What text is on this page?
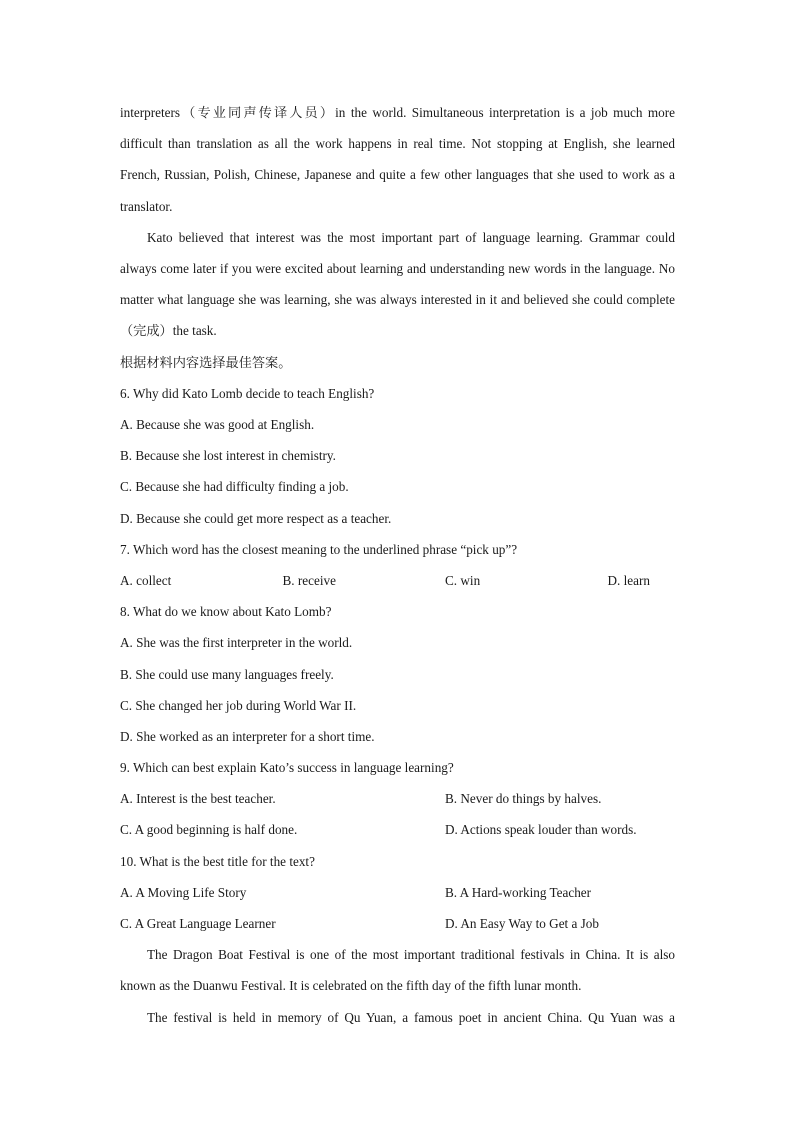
interpreters（专业同声传译人员）in the world. Simultaneous interpretation is a job much more difficult than translation as all the work happens in real time. Not stopping at English, she learned French, Russian, Polish, Chinese, Japanese and quite a few other languages that she used to work as a translator.
Kato believed that interest was the most important part of language learning. Grammar could always come later if you were excited about learning and understanding new words in the language. No matter what language she was learning, she was always interested in it and believed she could complete（完成）the task.
根据材料内容选择最佳答案。
6. Why did Kato Lomb decide to teach English?
A. Because she was good at English.
B. Because she lost interest in chemistry.
C. Because she had difficulty finding a job.
D. Because she could get more respect as a teacher.
7. Which word has the closest meaning to the underlined phrase “pick up”?
A. collect	B. receive	C. win	D. learn
8. What do we know about Kato Lomb?
A. She was the first interpreter in the world.
B. She could use many languages freely.
C. She changed her job during World War II.
D. She worked as an interpreter for a short time.
9. Which can best explain Kato’s success in language learning?
A. Interest is the best teacher.	B. Never do things by halves.
C. A good beginning is half done.	D. Actions speak louder than words.
10. What is the best title for the text?
A. A Moving Life Story	B. A Hard-working Teacher
C. A Great Language Learner	D. An Easy Way to Get a Job
The Dragon Boat Festival is one of the most important traditional festivals in China. It is also known as the Duanwu Festival. It is celebrated on the fifth day of the fifth lunar month.
The festival is held in memory of Qu Yuan, a famous poet in ancient China. Qu Yuan was a
